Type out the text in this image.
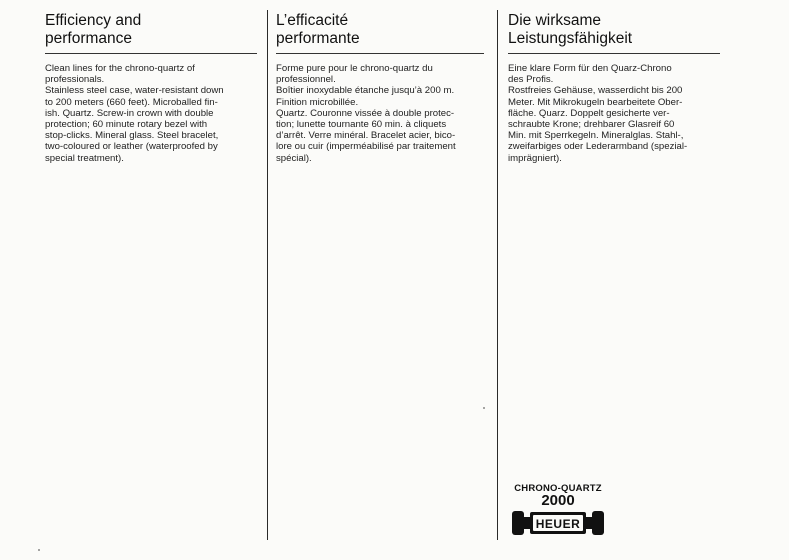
Efficiency and
performance

Clean lines for the chrono-quartz of

professionals.

Stainless steel case, water-resistant down

to 200 meters (660 feet). Microballed fin-

ish. Quartz. Screw-in crown with double

protection; 60 minute rotary bezel with

stop-clicks. Mineral glass. Steel bracelet,

two-coloured or leather (waterproofed by

special treatment).

L’efficacité
performante

Forme pure pour le chrono-quartz du

professionnel.

Boîtier inoxydable étanche jusqu’à 200 m.

Finition microbillée.

Quartz. Couronne vissée à double protec-

tion; lunette tournante 60 min. à cliquets

d’arrêt. Verre minéral. Bracelet acier, bico-

lore ou cuir (imperméabilisé par traitement

spécial).

Die wirksame
Leistungsfähigkeit

Eine klare Form für den Quarz-Chrono

des Profis.

Rostfreies Gehäuse, wasserdicht bis 200

Meter. Mit Mikrokugeln bearbeitete Ober-

fläche. Quarz. Doppelt gesicherte ver-

schraubte Krone; drehbarer Glasreif 60

Min. mit Sperrkegeln. Mineralglas. Stahl-,

zweifarbiges oder Lederarmband (spezial-

imprägniert).

CHRONO-QUARTZ
2000
HEUER
